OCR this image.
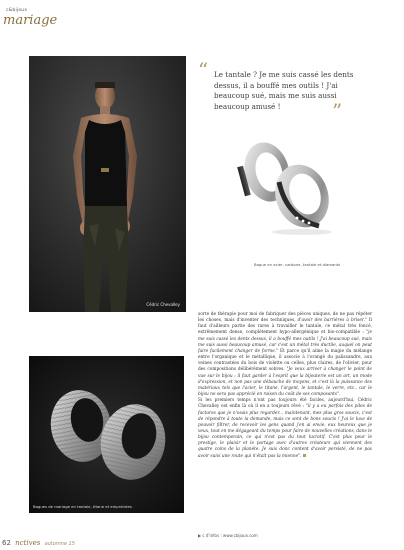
c&bijoux
mariage
Cédric Chevalley
“ Le tantale ? Je me suis cassé les dents dessus, il a bouffé mes outils ! J'ai beaucoup sué, mais me suis aussi beaucoup amusé !	”
Bague en acier, carbone, tantale et diamants

sorte de thérapie pour moi de fabriquer des pièces uniques, de ne pas répéter les choses, mais d'inventer des techniques, d'avoir des barrières à briser." Il faut d'ailleurs partie des rares à travailler le tantale, ce métal très foncé, extrêmement dense, complètement hypo-allergénique et bio-compatible : "je me suis cassé les dents dessus, il a bouffé mes outils ! J'ai beaucoup sué, mais me suis aussi beaucoup amusé, car c'est un métal très ductile, auquel on peut faire facilement changer de forme." Et parce qu'il aime la magie du mélange entre l'organique et le métallique, il associe à l'orangé du palissandre, aux veines contrastées du bois de violette ou celles, plus claires, de l'olivier, pour des compositions délibérément sobres. "Je veux arriver à changer le point de vue sur le bijou : il faut garder à l'esprit que la bijouterie est un art, un mode d'expression, et non pas une débauche de moyens, et c'est là la puissance des matériaux tels que l'acier, le titane, l'argent, le tantale, le verre, etc., car le bijou ne sera pas apprécié en raison du coût de ses composants".

Si les premiers temps n'ont pas toujours été faciles, aujourd'hui, Cédric Chevalley est enfin là où il en a toujours rêvé : "il y a eu parfois des piles de factures que je n'osais plus regarder... maintenant, mes plus gros soucis, c'est de répondre à toute la demande, mais ce sont de bons soucis ! J'ai le luxe de pouvoir filtrer, de recevoir les gens quand j'en ai envie, eux heureux que je veux, tout en me dégageant du temps pour faire de nouvelles créations, dans le bijou contemporain, ce qui n'est pas du tout lucratif. C'est plus pour le prestige, le plaisir et le partage avec d'autres créateurs qui viennent des quatre coins de la planète. Je suis donc content d'avoir persisté, de ne pas avoir suivi une route qui n'était pas la mienne".

Bagues de mariage en tantale, titane et empreintes
▶ c d'infos : www.cbijoux.com
62 nctives automne 15
